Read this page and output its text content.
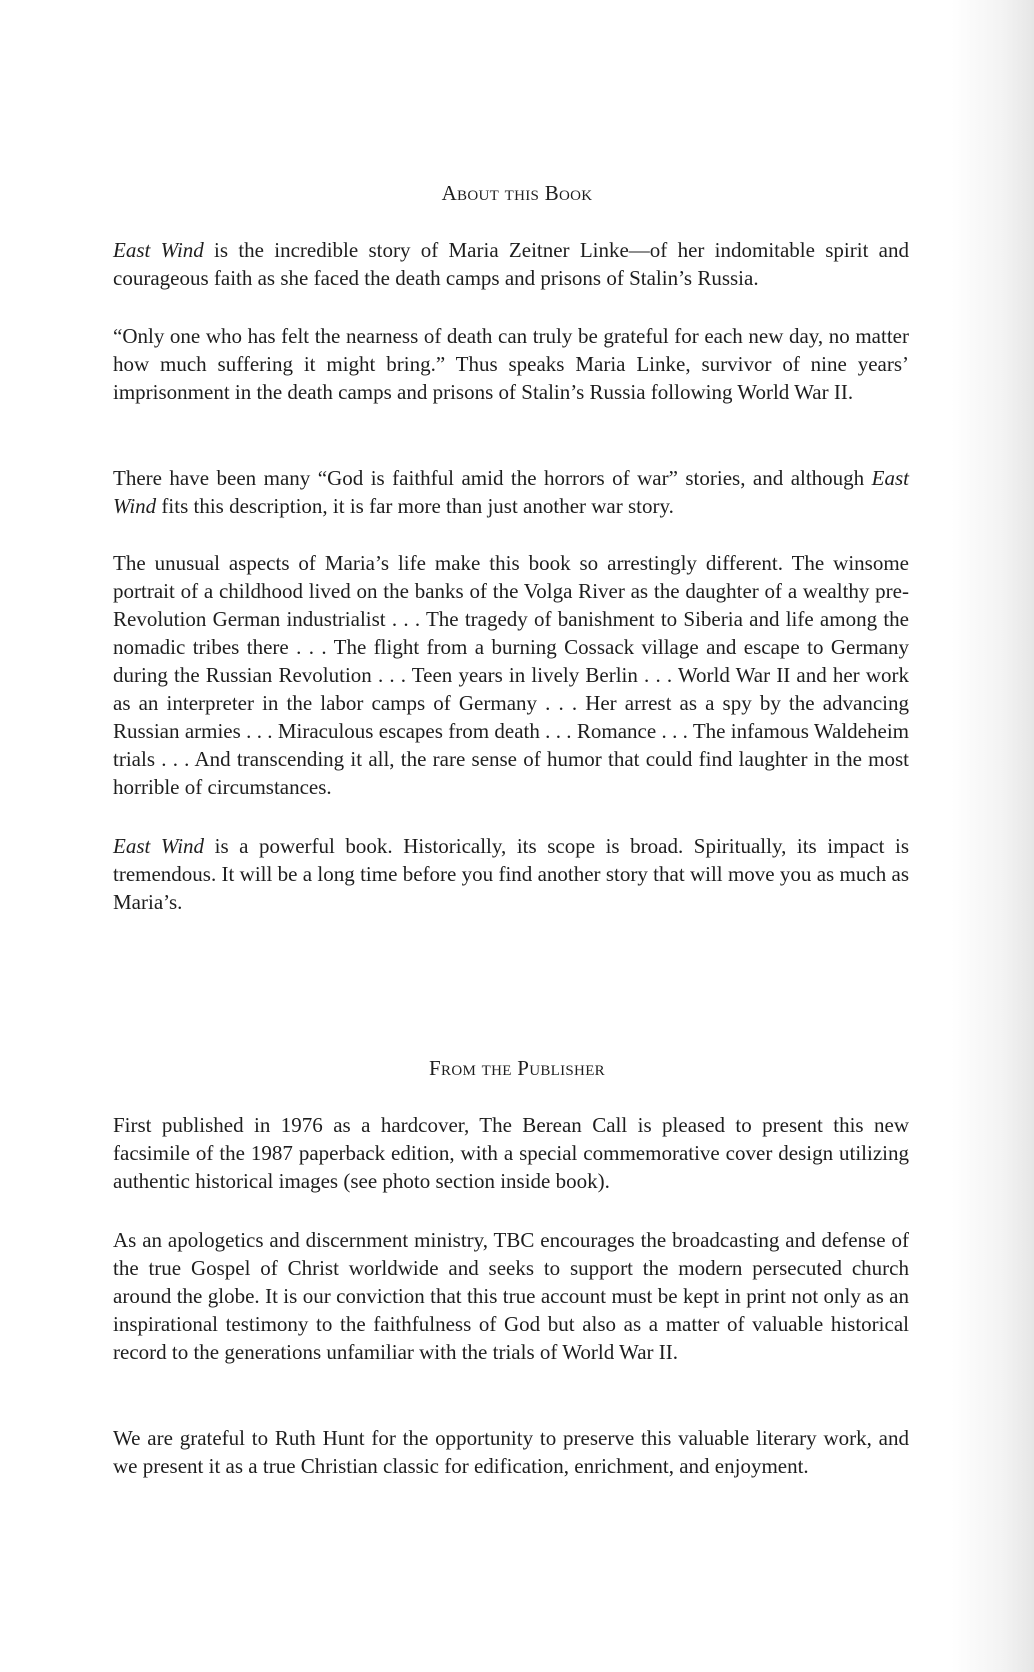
About this Book

East Wind is the incredible story of Maria Zeitner Linke—of her indomitable spirit and courageous faith as she faced the death camps and prisons of Stalin’s Russia.

“Only one who has felt the nearness of death can truly be grateful for each new day, no matter how much suffering it might bring.” Thus speaks Maria Linke, survivor of nine years’ imprisonment in the death camps and prisons of Stalin’s Russia following World War II.

There have been many “God is faithful amid the horrors of war” stories, and although East Wind fits this description, it is far more than just another war story.

The unusual aspects of Maria’s life make this book so arrestingly different. The winsome portrait of a childhood lived on the banks of the Volga River as the daughter of a wealthy pre-Revolution German industrialist . . . The tragedy of banishment to Siberia and life among the nomadic tribes there . . . The flight from a burning Cossack village and escape to Germany during the Russian Revolution . . . Teen years in lively Berlin . . . World War II and her work as an interpreter in the labor camps of Germany . . . Her arrest as a spy by the advancing Russian armies . . . Miraculous escapes from death . . . Romance . . . The infamous Waldeheim trials . . . And transcending it all, the rare sense of humor that could find laughter in the most horrible of circumstances.

East Wind is a powerful book. Historically, its scope is broad. Spiritually, its impact is tremendous. It will be a long time before you find another story that will move you as much as Maria’s.

From the Publisher

First published in 1976 as a hardcover, The Berean Call is pleased to present this new facsimile of the 1987 paperback edition, with a special commemorative cover design utilizing authentic historical images (see photo section inside book).

As an apologetics and discernment ministry, TBC encourages the broadcasting and defense of the true Gospel of Christ worldwide and seeks to support the modern persecuted church around the globe. It is our conviction that this true account must be kept in print not only as an inspirational testimony to the faithfulness of God but also as a matter of valuable historical record to the generations unfamiliar with the trials of World War II.

We are grateful to Ruth Hunt for the opportunity to preserve this valuable literary work, and we present it as a true Christian classic for edification, enrichment, and enjoyment.
